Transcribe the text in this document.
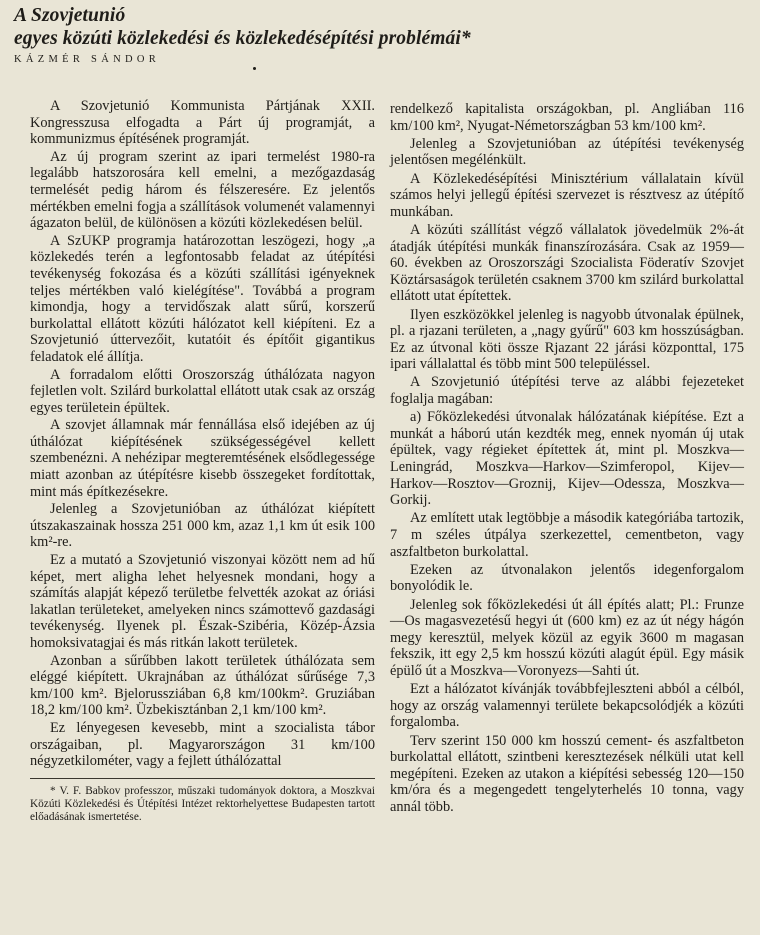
A Szovjetunió
egyes közúti közlekedési és közlekedésépítési problémái*

KÁZMÉR SÁNDOR

A Szovjetunió Kommunista Pártjának XXII. Kongresszusa elfogadta a Párt új programját, a kommunizmus építésének programját.

Az új program szerint az ipari termelést 1980-ra legalább hatszorosára kell emelni, a mezőgazdaság termelését pedig három és félszeresére. Ez jelentős mértékben emelni fogja a szállítások volumenét valamennyi ágazaton belül, de különösen a közúti közlekedésen belül.

A SzUKP programja határozottan leszögezi, hogy „a közlekedés terén a legfontosabb feladat az útépítési tevékenység fokozása és a közúti szállítási igényeknek teljes mértékben való kielégítése". Továbbá a program kimondja, hogy a tervidőszak alatt sűrű, korszerű burkolattal ellátott közúti hálózatot kell kiépíteni. Ez a Szovjetunió úttervezőit, kutatóit és építőit gigantikus feladatok elé állítja.

A forradalom előtti Oroszország úthálózata nagyon fejletlen volt. Szilárd burkolattal ellátott utak csak az ország egyes területein épültek.

A szovjet államnak már fennállása első idejében az új úthálózat kiépítésének szükségességével kellett szembenézni. A nehézipar megteremtésének elsődlegessége miatt azonban az útépítésre kisebb összegeket fordítottak, mint más építkezésekre.

Jelenleg a Szovjetunióban az úthálózat kiépített útszakaszainak hossza 251 000 km, azaz 1,1 km út esik 100 km²-re.

Ez a mutató a Szovjetunió viszonyai között nem ad hű képet, mert aligha lehet helyesnek mondani, hogy a számítás alapját képező területbe felvették azokat az óriási lakatlan területeket, amelyeken nincs számottevő gazdasági tevékenység. Ilyenek pl. Észak-Szibéria, Közép-Ázsia homoksivatagjai és más ritkán lakott területek.

Azonban a sűrűbben lakott területek úthálózata sem eléggé kiépített. Ukrajnában az úthálózat sűrűsége 7,3 km/100 km². Bjelorussziában 6,8 km/100km². Gruziában 18,2 km/100 km². Üzbekisztánban 2,1 km/100 km².

Ez lényegesen kevesebb, mint a szocialista tábor országaiban, pl. Magyarországon 31 km/100 négyzetkilométer, vagy a fejlett úthálózattal

* V. F. Babkov professzor, műszaki tudományok doktora, a Moszkvai Közúti Közlekedési és Útépítési Intézet rektorhelyettese Budapesten tartott előadásának ismertetése.

rendelkező kapitalista országokban, pl. Angliában 116 km/100 km², Nyugat-Németországban 53 km/100 km².

Jelenleg a Szovjetunióban az útépítési tevékenység jelentősen megélénkült.

A Közlekedésépítési Minisztérium vállalatain kívül számos helyi jellegű építési szervezet is résztvesz az útépítő munkában.

A közúti szállítást végző vállalatok jövedelmük 2%-át átadják útépítési munkák finanszírozására. Csak az 1959—60. években az Oroszországi Szocialista Föderatív Szovjet Köztársaságok területén csaknem 3700 km szilárd burkolattal ellátott utat építettek.

Ilyen eszközökkel jelenleg is nagyobb útvonalak épülnek, pl. a rjazani területen, a „nagy gyűrű" 603 km hosszúságban. Ez az útvonal köti össze Rjazant 22 járási központtal, 175 ipari vállalattal és több mint 500 településsel.

A Szovjetunió útépítési terve az alábbi fejezeteket foglalja magában:

a) Főközlekedési útvonalak hálózatának kiépítése. Ezt a munkát a háború után kezdték meg, ennek nyomán új utak épültek, vagy régieket építettek át, mint pl. Moszkva—Leningrád, Moszkva—Harkov—Szimferopol, Kijev—Harkov—Rosztov—Groznij, Kijev—Odessza, Moszkva—Gorkij.

Az említett utak legtöbbje a második kategóriába tartozik, 7 m széles útpálya szerkezettel, cementbeton, vagy aszfaltbeton burkolattal.

Ezeken az útvonalakon jelentős idegenforgalom bonyolódik le.

Jelenleg sok főközlekedési út áll építés alatt; Pl.: Frunze—Os magasvezetésű hegyi út (600 km) ez az út négy hágón megy keresztül, melyek közül az egyik 3600 m magasan fekszik, itt egy 2,5 km hosszú közúti alagút épül. Egy másik épülő út a Moszkva—Voronyezs—Sahti út.

Ezt a hálózatot kívánják továbbfejleszteni abból a célból, hogy az ország valamennyi területe bekapcsolódjék a közúti forgalomba.

Terv szerint 150 000 km hosszú cement- és aszfaltbeton burkolattal ellátott, szintbeni keresztezések nélküli utat kell megépíteni. Ezeken az utakon a kiépítési sebesség 120—150 km/óra és a megengedett tengelyterhelés 10 tonna, vagy annál több.
